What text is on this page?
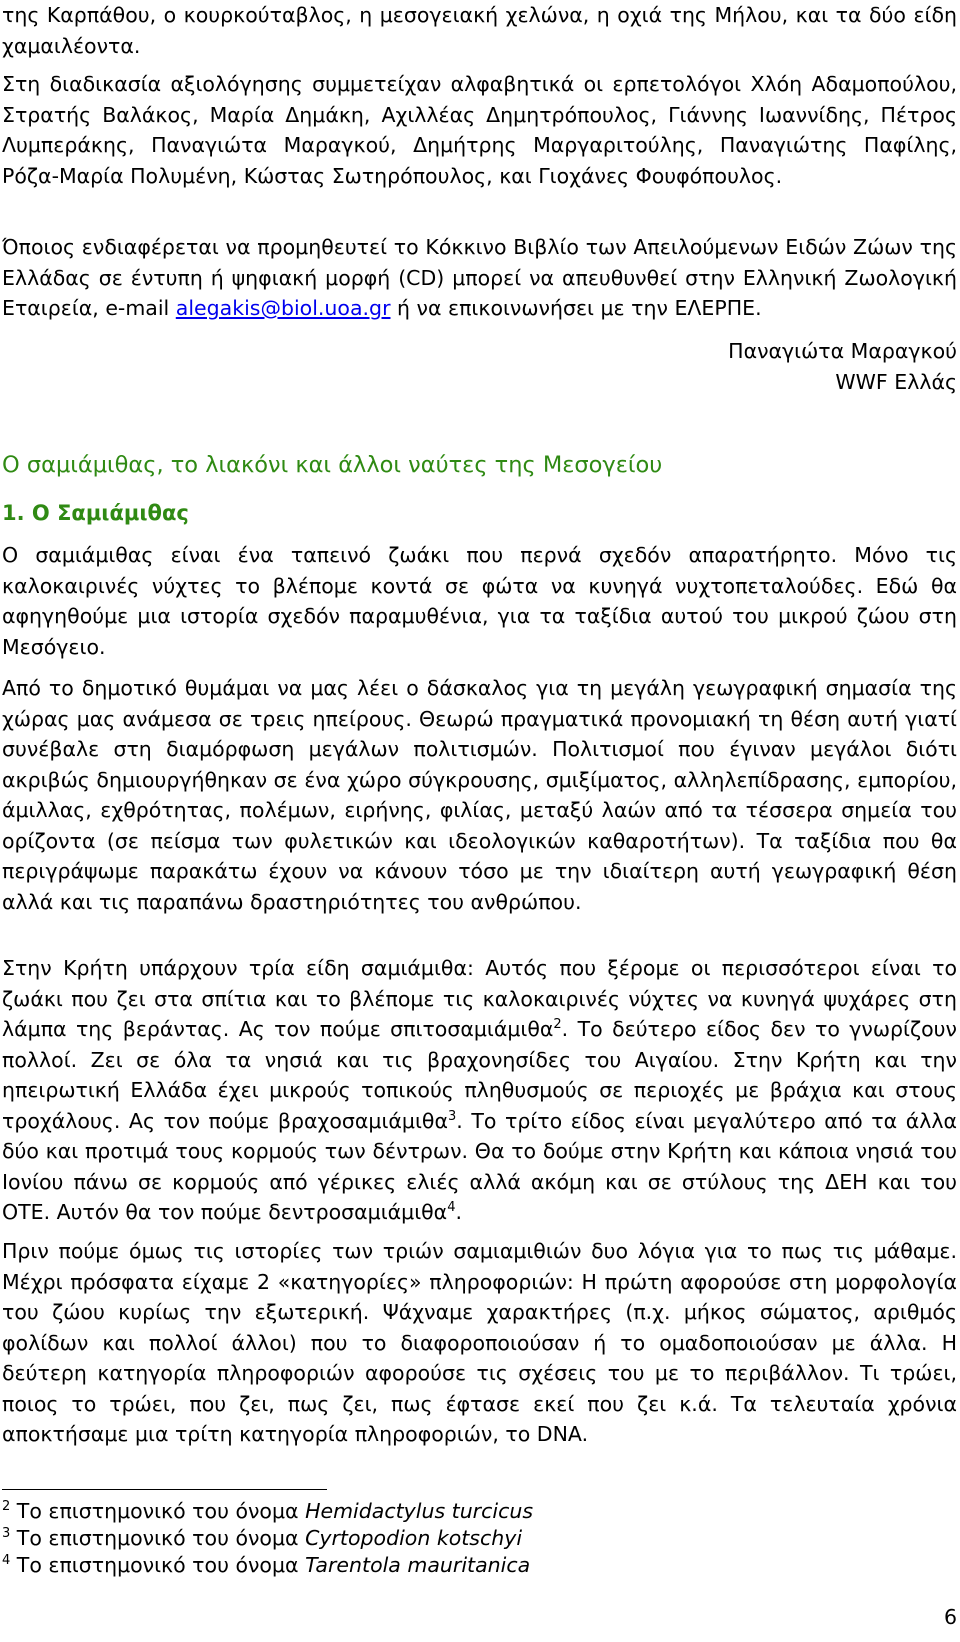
της Καρπάθου, ο κουρκούταβλος, η μεσογειακή χελώνα, η οχιά της Μήλου, και τα δύο είδη χαμαιλέοντα.

Στη διαδικασία αξιολόγησης συμμετείχαν αλφαβητικά οι ερπετολόγοι Χλόη Αδαμοπούλου, Στρατής Βαλάκος, Μαρία Δημάκη, Αχιλλέας Δημητρόπουλος, Γιάννης Ιωαννίδης, Πέτρος Λυμπεράκης, Παναγιώτα Μαραγκού, Δημήτρης Μαργαριτούλης, Παναγιώτης Παφίλης, Ρόζα-Μαρία Πολυμένη, Κώστας Σωτηρόπουλος, και Γιοχάνες Φουφόπουλος.

Όποιος ενδιαφέρεται να προμηθευτεί το Κόκκινο Βιβλίο των Απειλούμενων Ειδών Ζώων της Ελλάδας σε έντυπη ή ψηφιακή μορφή (CD) μπορεί να απευθυνθεί στην Ελληνική Ζωολογική Εταιρεία, e-mail alegakis@biol.uoa.gr ή να επικοινωνήσει με την ΕΛΕΡΠΕ.

Παναγιώτα Μαραγκού
WWF Ελλάς
Ο σαμιάμιθας, το λιακόνι και άλλοι ναύτες της Μεσογείου
1. Ο Σαμιάμιθας

Ο σαμιάμιθας είναι ένα ταπεινό ζωάκι που περνά σχεδόν απαρατήρητο. Μόνο τις καλοκαιρινές νύχτες το βλέπομε κοντά σε φώτα να κυνηγά νυχτοπεταλούδες. Εδώ θα αφηγηθούμε μια ιστορία σχεδόν παραμυθένια, για τα ταξίδια αυτού του μικρού ζώου στη Μεσόγειο.

Από το δημοτικό θυμάμαι να μας λέει ο δάσκαλος για τη μεγάλη γεωγραφική σημασία της χώρας μας ανάμεσα σε τρεις ηπείρους. Θεωρώ πραγματικά προνομιακή τη θέση αυτή γιατί συνέβαλε στη διαμόρφωση μεγάλων πολιτισμών. Πολιτισμοί που έγιναν μεγάλοι διότι ακριβώς δημιουργήθηκαν σε ένα χώρο σύγκρουσης, σμιξίματος, αλληλεπίδρασης, εμπορίου, άμιλλας, εχθρότητας, πολέμων, ειρήνης, φιλίας, μεταξύ λαών από τα τέσσερα σημεία του ορίζοντα (σε πείσμα των φυλετικών και ιδεολογικών καθαροτήτων). Τα ταξίδια που θα περιγράψωμε παρακάτω έχουν να κάνουν τόσο με την ιδιαίτερη αυτή γεωγραφική θέση αλλά και τις παραπάνω δραστηριότητες του ανθρώπου.

Στην Κρήτη υπάρχουν τρία είδη σαμιάμιθα: Αυτός που ξέρομε οι περισσότεροι είναι το ζωάκι που ζει στα σπίτια και το βλέπομε τις καλοκαιρινές νύχτες να κυνηγά ψυχάρες στη λάμπα της βεράντας. Ας τον πούμε σπιτοσαμιάμιθα$^2$. Το δεύτερο είδος δεν το γνωρίζουν πολλοί. Ζει σε όλα τα νησιά και τις βραχονησίδες του Αιγαίου. Στην Κρήτη και την ηπειρωτική Ελλάδα έχει μικρούς τοπικούς πληθυσμούς σε περιοχές με βράχια και στους τροχάλους. Ας τον πούμε βραχοσαμιάμιθα$^3$. Το τρίτο είδος είναι μεγαλύτερο από τα άλλα δύο και προτιμά τους κορμούς των δέντρων. Θα το δούμε στην Κρήτη και κάποια νησιά του Ιονίου πάνω σε κορμούς από γέρικες ελιές αλλά ακόμη και σε στύλους της ΔΕΗ και του ΟΤΕ. Αυτόν θα τον πούμε δεντροσαμιάμιθα$^4$.

Πριν πούμε όμως τις ιστορίες των τριών σαμιαμιθιών δυο λόγια για το πως τις μάθαμε. Μέχρι πρόσφατα είχαμε 2 «κατηγορίες» πληροφοριών: Η πρώτη αφορούσε στη μορφολογία του ζώου κυρίως την εξωτερική. Ψάχναμε χαρακτήρες (π.χ. μήκος σώματος, αριθμός φολίδων και πολλοί άλλοι) που το διαφοροποιούσαν ή το ομαδοποιούσαν με άλλα. Η δεύτερη κατηγορία πληροφοριών αφορούσε τις σχέσεις του με το περιβάλλον. Τι τρώει, ποιος το τρώει, που ζει, πως ζει, πως έφτασε εκεί που ζει κ.ά. Τα τελευταία χρόνια αποκτήσαμε μια τρίτη κατηγορία πληροφοριών, το DNA.

$^2$ Το επιστημονικό του όνομα Hemidactylus turcicus
$^3$ Το επιστημονικό του όνομα Cyrtopodion kotschyi
$^4$ Το επιστημονικό του όνομα Tarentola mauritanica
6
